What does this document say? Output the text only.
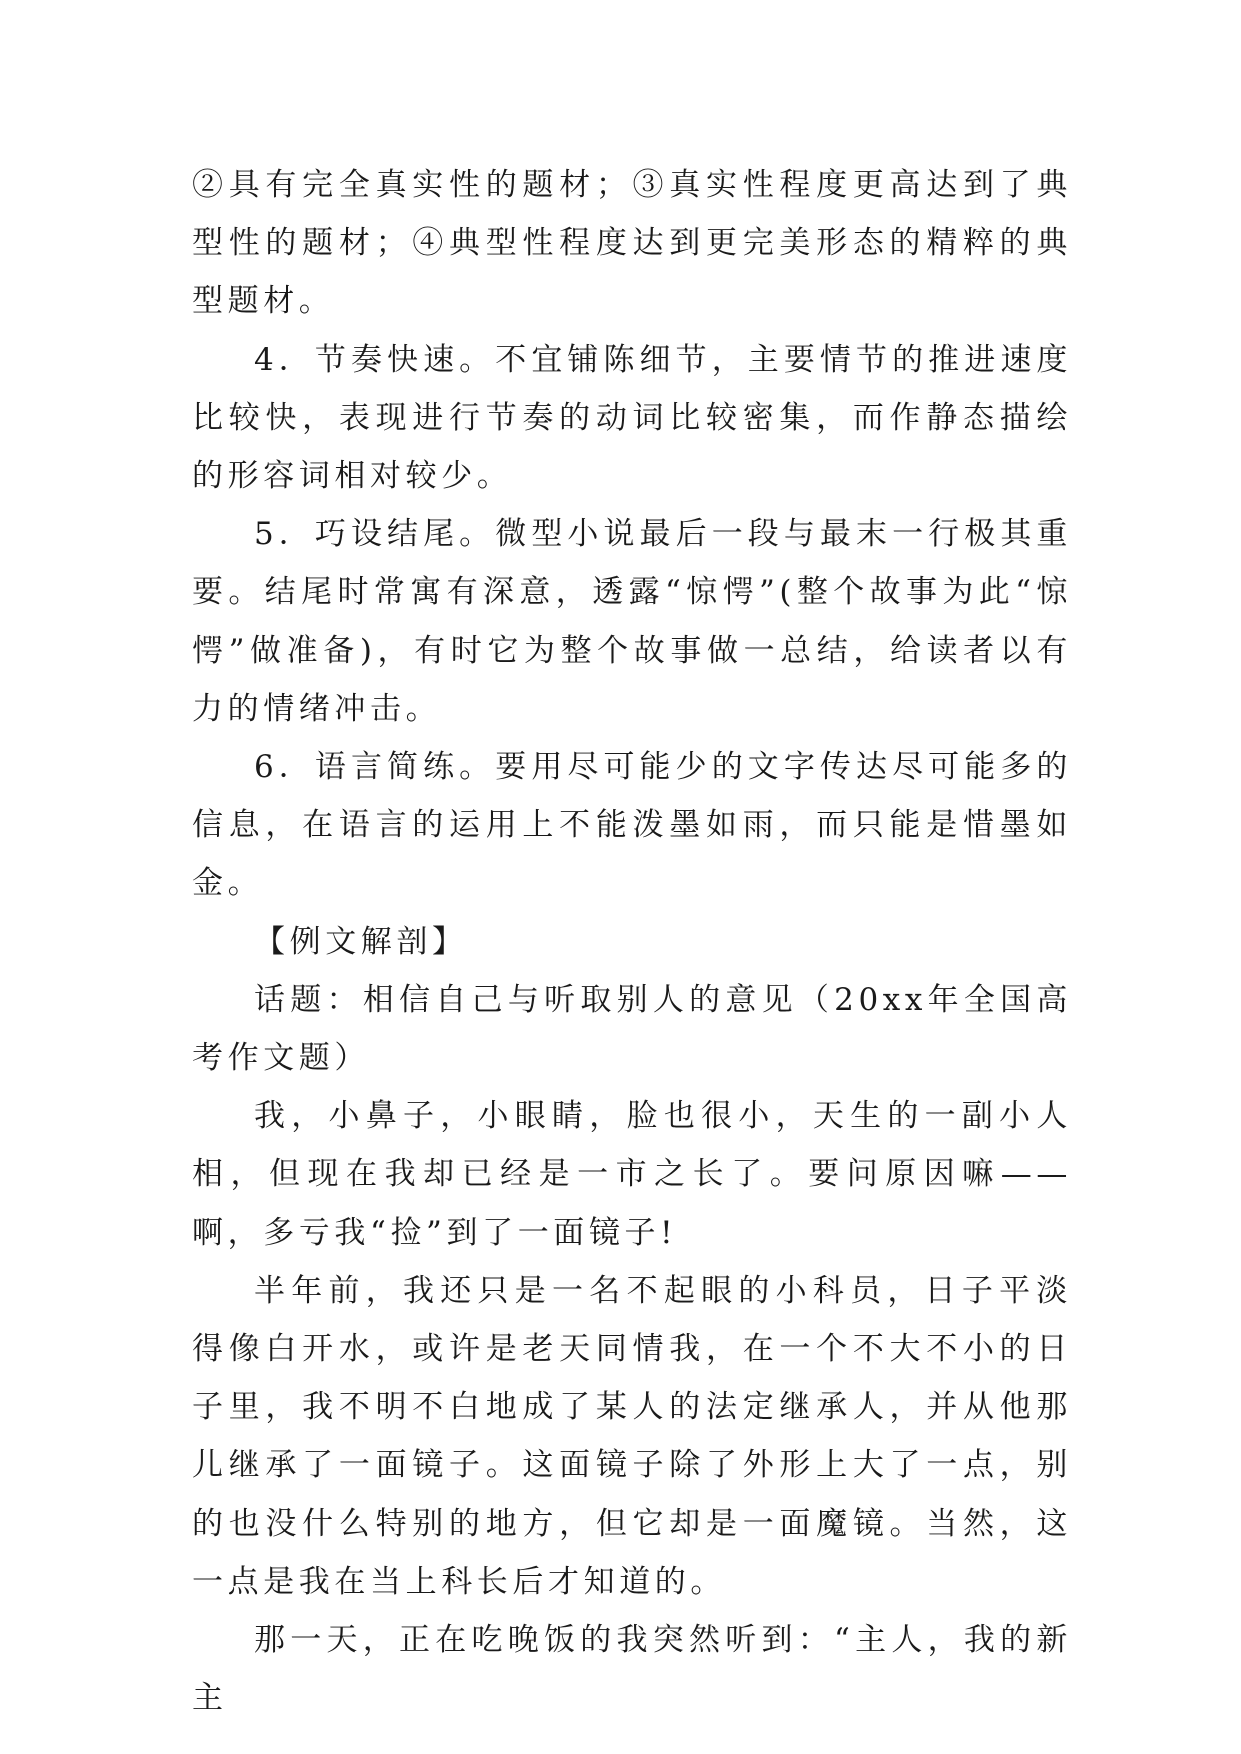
②具有完全真实性的题材；③真实性程度更高达到了典型性的题材；④典型性程度达到更完美形态的精粹的典型题材。

4．节奏快速。不宜铺陈细节，主要情节的推进速度比较快，表现进行节奏的动词比较密集，而作静态描绘的形容词相对较少。

5．巧设结尾。微型小说最后一段与最末一行极其重要。结尾时常寓有深意，透露“惊愕”(整个故事为此“惊愕”做准备)，有时它为整个故事做一总结，给读者以有力的情绪冲击。

6．语言简练。要用尽可能少的文字传达尽可能多的信息，在语言的运用上不能泼墨如雨，而只能是惜墨如金。

【例文解剖】

话题：相信自己与听取别人的意见（20xx年全国高考作文题）

我，小鼻子，小眼睛，脸也很小，天生的一副小人相，但现在我却已经是一市之长了。要问原因嘛——啊，多亏我“捡”到了一面镜子!

半年前，我还只是一名不起眼的小科员，日子平淡得像白开水，或许是老天同情我，在一个不大不小的日子里，我不明不白地成了某人的法定继承人，并从他那儿继承了一面镜子。这面镜子除了外形上大了一点，别的也没什么特别的地方，但它却是一面魔镜。当然，这一点是我在当上科长后才知道的。

那一天，正在吃晚饭的我突然听到：“主人，我的新主
